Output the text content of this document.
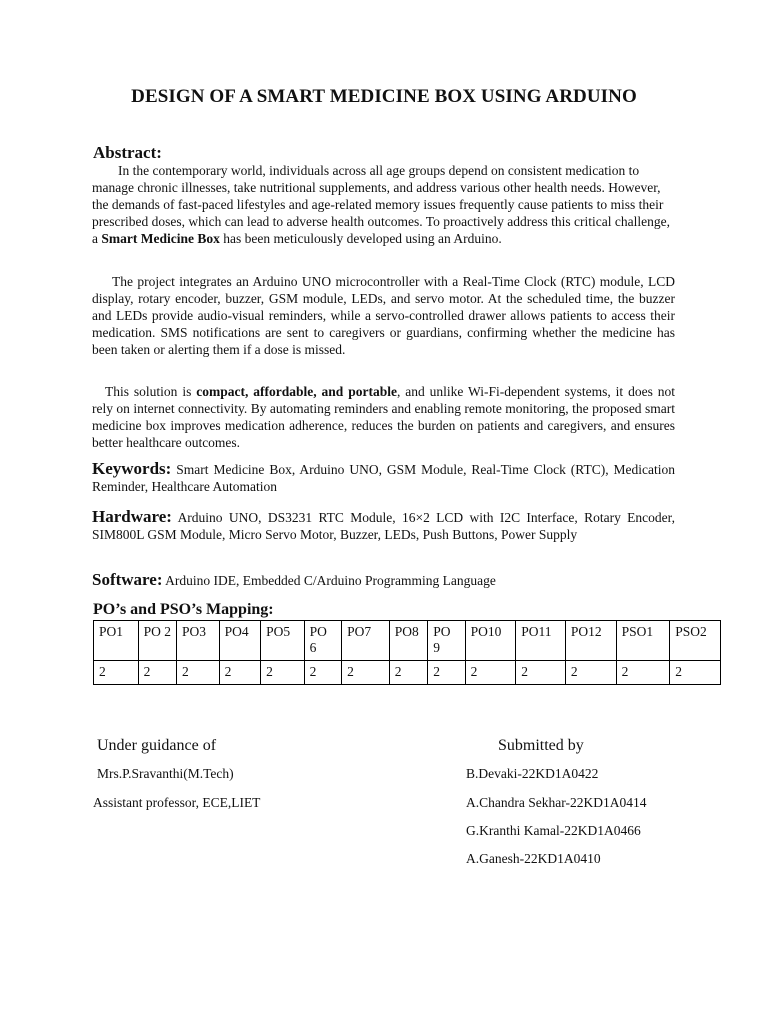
DESIGN OF A SMART MEDICINE BOX USING ARDUINO
Abstract:
In the contemporary world, individuals across all age groups depend on consistent medication to manage chronic illnesses, take nutritional supplements, and address various other health needs. However, the demands of fast-paced lifestyles and age-related memory issues frequently cause patients to miss their prescribed doses, which can lead to adverse health outcomes. To proactively address this critical challenge, a Smart Medicine Box has been meticulously developed using an Arduino.
The project integrates an Arduino UNO microcontroller with a Real-Time Clock (RTC) module, LCD display, rotary encoder, buzzer, GSM module, LEDs, and servo motor. At the scheduled time, the buzzer and LEDs provide audio-visual reminders, while a servo-controlled drawer allows patients to access their medication. SMS notifications are sent to caregivers or guardians, confirming whether the medicine has been taken or alerting them if a dose is missed.
This solution is compact, affordable, and portable, and unlike Wi-Fi-dependent systems, it does not rely on internet connectivity. By automating reminders and enabling remote monitoring, the proposed smart medicine box improves medication adherence, reduces the burden on patients and caregivers, and ensures better healthcare outcomes.
Keywords: Smart Medicine Box, Arduino UNO, GSM Module, Real-Time Clock (RTC), Medication Reminder, Healthcare Automation
Hardware: Arduino UNO, DS3231 RTC Module, 16×2 LCD with I2C Interface, Rotary Encoder, SIM800L GSM Module, Micro Servo Motor, Buzzer, LEDs, Push Buttons, Power Supply
Software: Arduino IDE, Embedded C/Arduino Programming Language
PO’s and PSO’s Mapping:
PO1	PO 2	PO3	PO4	PO5	PO 6	PO7	PO8	PO 9	PO10	PO11	PO12	PSO1	PSO2
2	2	2	2	2	2	2	2	2	2	2	2	2	2
Under guidance of
Mrs.P.Sravanthi(M.Tech)
Assistant professor, ECE,LIET
Submitted by
B.Devaki-22KD1A0422
A.Chandra Sekhar-22KD1A0414
G.Kranthi Kamal-22KD1A0466
A.Ganesh-22KD1A0410
